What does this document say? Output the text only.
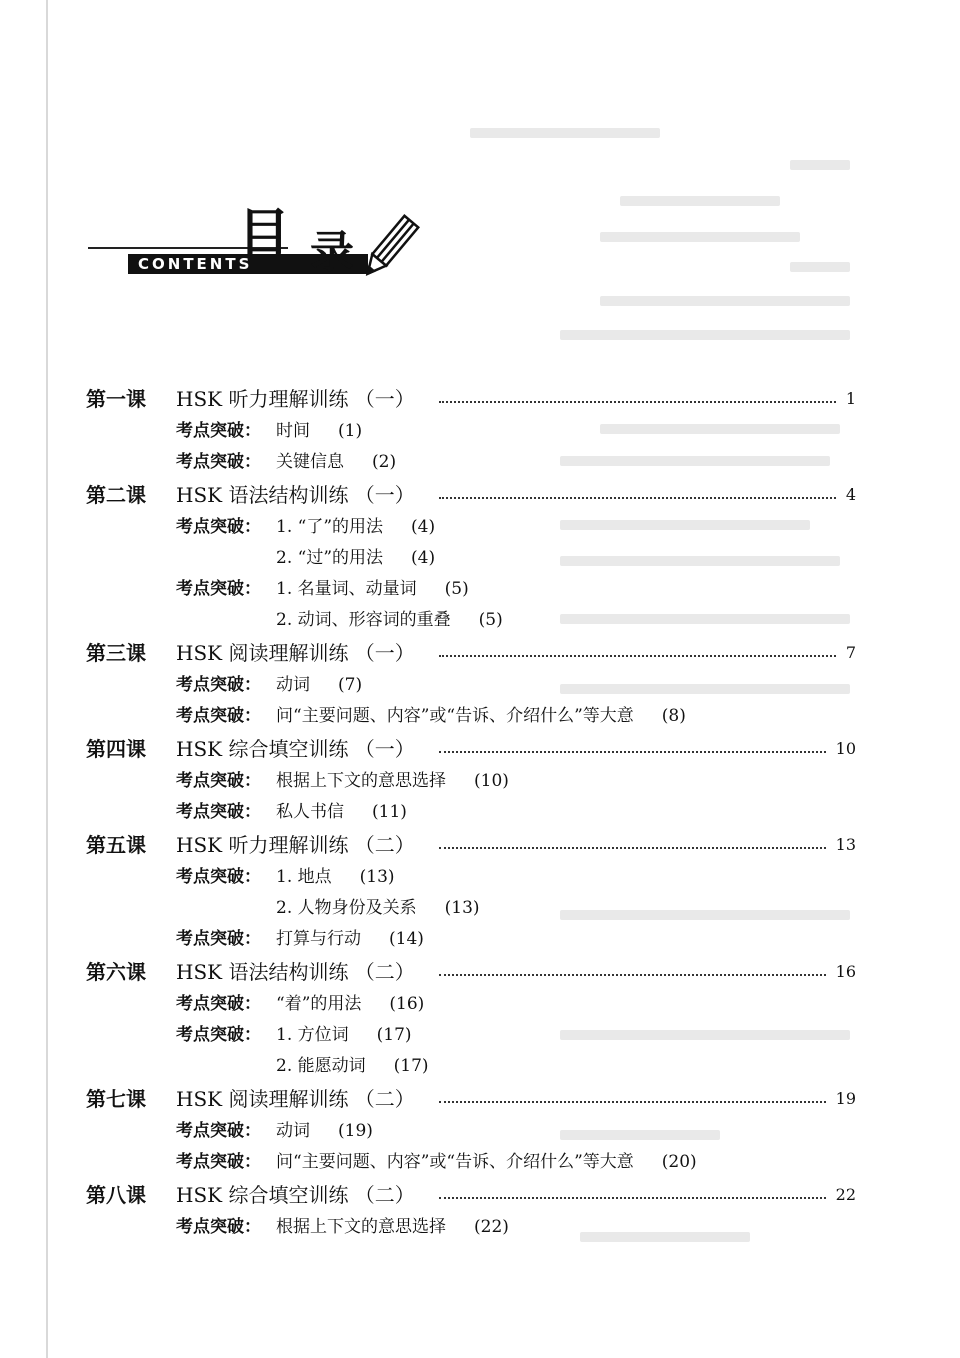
CONTENTS
目 录
第一课 HSK 听力理解训练 （一）	1
考点突破： 时间 (1)
考点突破： 关键信息 (2)
第二课 HSK 语法结构训练 （一）	4
考点突破： 1. “了”的用法 (4)
2. “过”的用法 (4)
考点突破： 1. 名量词、动量词 (5)
2. 动词、形容词的重叠 (5)
第三课 HSK 阅读理解训练 （一）	7
考点突破： 动词 (7)
考点突破： 问“主要问题、内容”或“告诉、介绍什么”等大意 (8)
第四课 HSK 综合填空训练 （一）	10
考点突破： 根据上下文的意思选择 (10)
考点突破： 私人书信 (11)
第五课 HSK 听力理解训练 （二）	13
考点突破： 1. 地点 (13)
2. 人物身份及关系 (13)
考点突破： 打算与行动 (14)
第六课 HSK 语法结构训练 （二）	16
考点突破： “着”的用法 (16)
考点突破： 1. 方位词 (17)
2. 能愿动词 (17)
第七课 HSK 阅读理解训练 （二）	19
考点突破： 动词 (19)
考点突破： 问“主要问题、内容”或“告诉、介绍什么”等大意 (20)
第八课 HSK 综合填空训练 （二）	22
考点突破： 根据上下文的意思选择 (22)
